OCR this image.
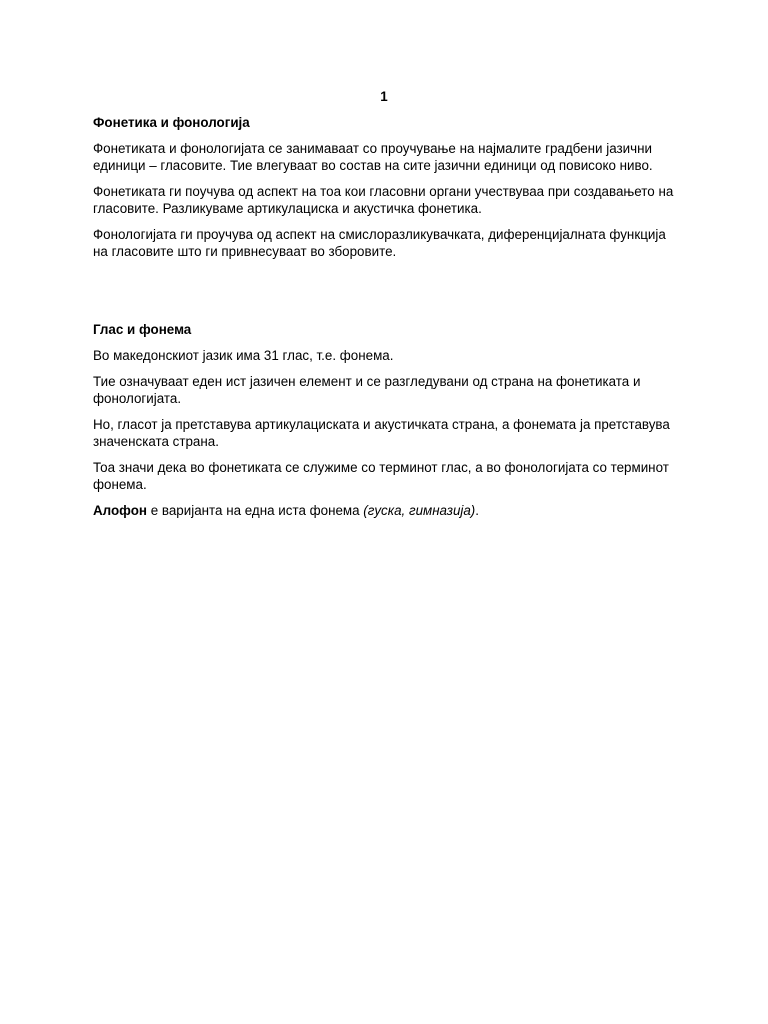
1
Фонетика и фонологија

Фонетиката и фонологијата се занимаваат со проучување на најмалите градбени јазични единици – гласовите. Тие влегуваат во состав на сите јазични единици од повисоко ниво.

Фонетиката ги поучува од аспект на тоа кои гласовни органи учествуваа при создавањето на гласовите. Разликуваме артикулациска и акустичка фонетика.

Фонологијата ги проучува од аспект на смислоразликувачката, диференцијалната функција на гласовите што ги привнесуваат во зборовите.

Глас и фонема

Во македонскиот јазик има 31 глас, т.е. фонема.

Тие означуваат еден ист јазичен елемент и се разгледувани од страна на фонетиката и фонологијата.

Но, гласот ја претставува артикулациската и акустичката страна, а фонемата ја претставува значенската страна.

Тоа значи дека во фонетиката се служиме со терминот глас, а во фонологијата со терминот фонема.

Алофон е варијанта на една иста фонема (гуска, гимназија).
